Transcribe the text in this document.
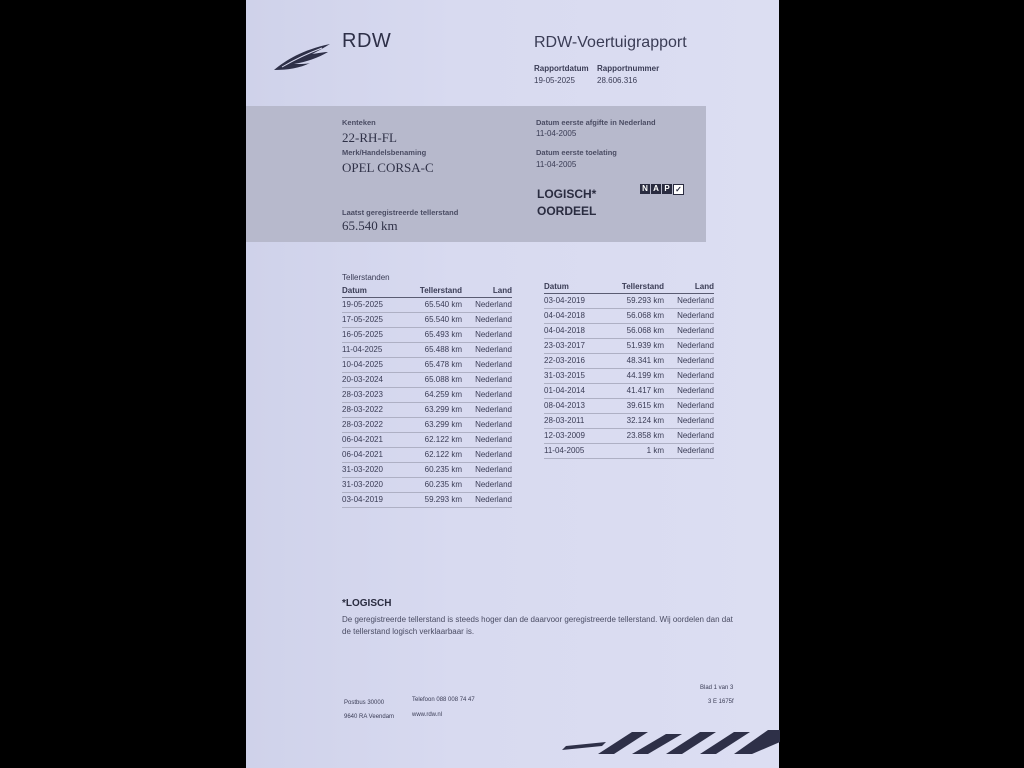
RDW	RDW-Voertuigrapport
Rapportdatum Rapportnummer
19-05-2025	28.606.316
Kenteken
22-RH-FL
Merk/Handelsbenaming
OPEL CORSA-C
Laatst geregistreerde tellerstand
65.540 km
Datum eerste afgifte in Nederland
11-04-2005
Datum eerste toelating
11-04-2005
LOGISCH*
OORDEEL
N A P ✓
Tellerstanden
Datum	Tellerstand	Land
19-05-2025	65.540 km	Nederland
17-05-2025	65.540 km	Nederland
16-05-2025	65.493 km	Nederland
11-04-2025	65.488 km	Nederland
10-04-2025	65.478 km	Nederland
20-03-2024	65.088 km	Nederland
28-03-2023	64.259 km	Nederland
28-03-2022	63.299 km	Nederland
28-03-2022	63.299 km	Nederland
06-04-2021	62.122 km	Nederland
06-04-2021	62.122 km	Nederland
31-03-2020	60.235 km	Nederland
31-03-2020	60.235 km	Nederland
03-04-2019	59.293 km	Nederland
Datum	Tellerstand	Land
03-04-2019	59.293 km	Nederland
04-04-2018	56.068 km	Nederland
04-04-2018	56.068 km	Nederland
23-03-2017	51.939 km	Nederland
22-03-2016	48.341 km	Nederland
31-03-2015	44.199 km	Nederland
01-04-2014	41.417 km	Nederland
08-04-2013	39.615 km	Nederland
28-03-2011	32.124 km	Nederland
12-03-2009	23.858 km	Nederland
11-04-2005	1 km	Nederland
*LOGISCH
De geregistreerde tellerstand is steeds hoger dan de daarvoor geregistreerde tellerstand. Wij oordelen dan dat de tellerstand logisch verklaarbaar is.
Postbus 30000
9640 RA Veendam
Telefoon 088 008 74 47
www.rdw.nl
Blad 1 van 3
3 E 1675f
